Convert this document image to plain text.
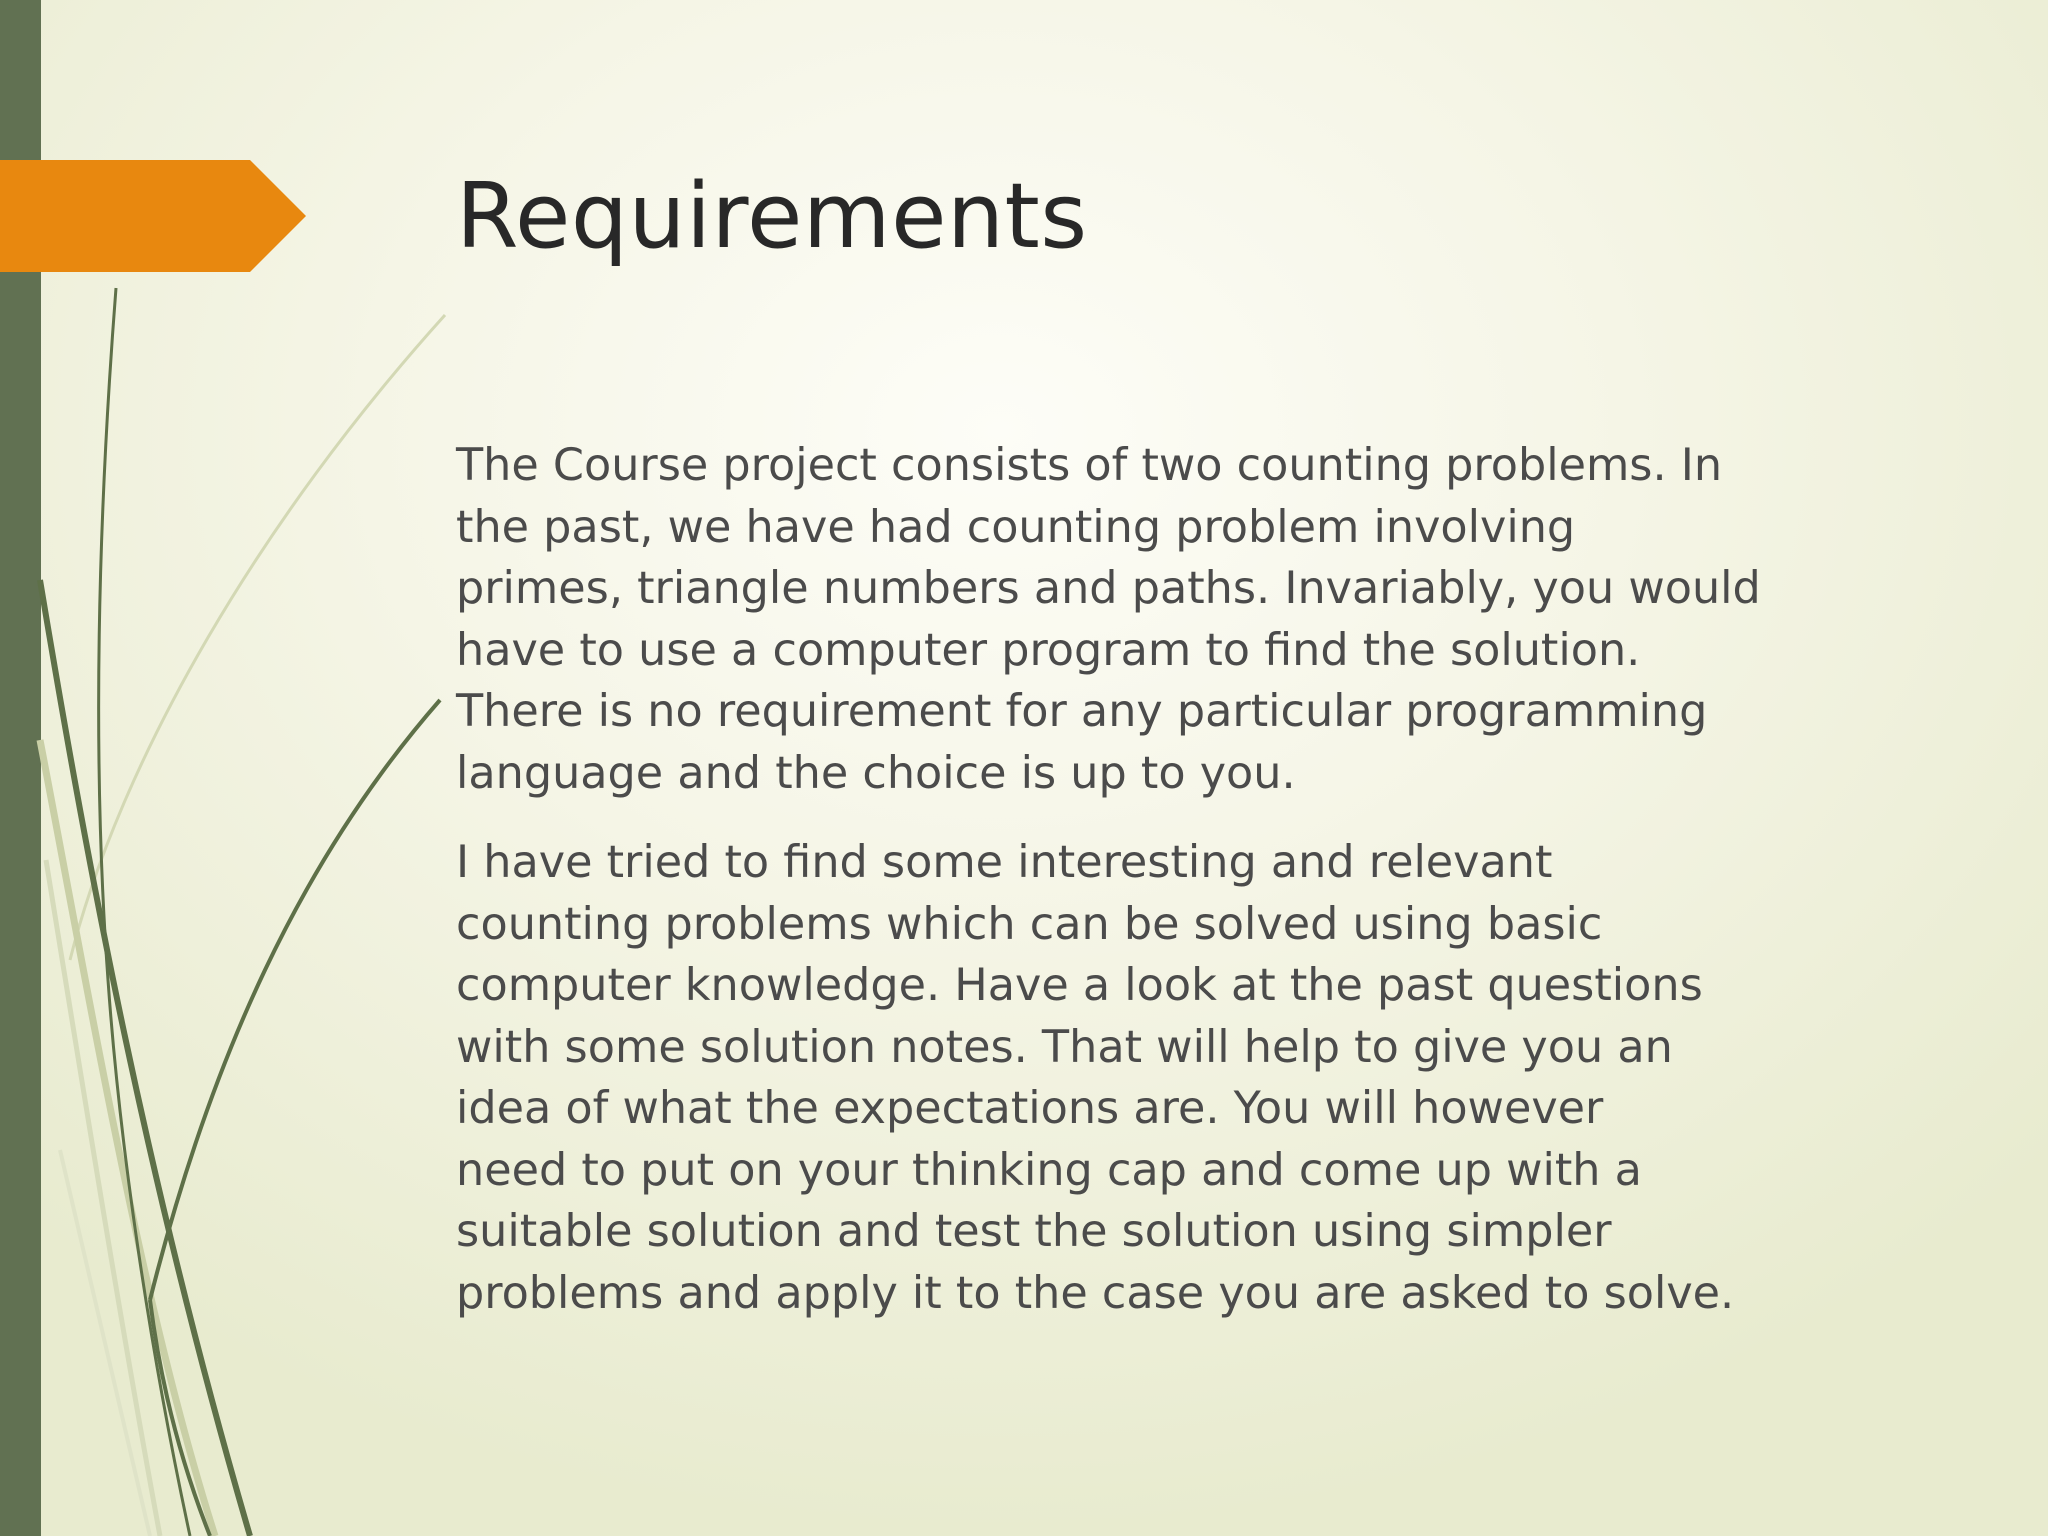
Requirements

The Course project consists of two counting problems. In
the past, we have had counting problem involving
primes, triangle numbers and paths. Invariably, you would
have to use a computer program to find the solution.
There is no requirement for any particular programming
language and the choice is up to you.

I have tried to find some interesting and relevant
counting problems which can be solved using basic
computer knowledge. Have a look at the past questions
with some solution notes. That will help to give you an
idea of what the expectations are. You will however
need to put on your thinking cap and come up with a
suitable solution and test the solution using simpler
problems and apply it to the case you are asked to solve.
